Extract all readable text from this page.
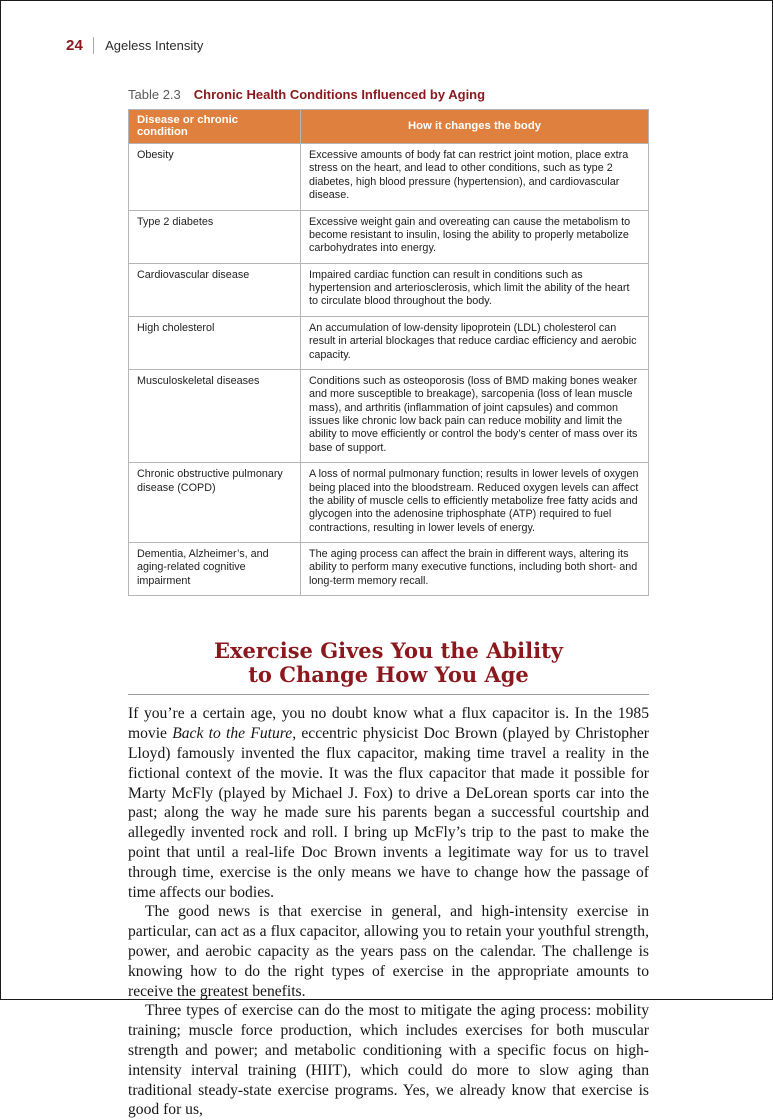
24 Ageless Intensity
Table 2.3 Chronic Health Conditions Influenced by Aging
Disease or chronic condition	How it changes the body
Obesity	Excessive amounts of body fat can restrict joint motion, place extra stress on the heart, and lead to other conditions, such as type 2 diabetes, high blood pressure (hypertension), and cardiovascular disease.
Type 2 diabetes	Excessive weight gain and overeating can cause the metabolism to become resistant to insulin, losing the ability to properly metabolize carbohydrates into energy.
Cardiovascular disease	Impaired cardiac function can result in conditions such as hypertension and arteriosclerosis, which limit the ability of the heart to circulate blood throughout the body.
High cholesterol	An accumulation of low-density lipoprotein (LDL) cholesterol can result in arterial blockages that reduce cardiac efficiency and aerobic capacity.
Musculoskeletal diseases	Conditions such as osteoporosis (loss of BMD making bones weaker and more susceptible to breakage), sarcopenia (loss of lean muscle mass), and arthritis (inflammation of joint capsules) and common issues like chronic low back pain can reduce mobility and limit the ability to move efficiently or control the body’s center of mass over its base of support.
Chronic obstructive pulmonary disease (COPD)	A loss of normal pulmonary function; results in lower levels of oxygen being placed into the bloodstream. Reduced oxygen levels can affect the ability of muscle cells to efficiently metabolize free fatty acids and glycogen into the adenosine triphosphate (ATP) required to fuel contractions, resulting in lower levels of energy.
Dementia, Alzheimer’s, and aging-related cognitive impairment	The aging process can affect the brain in different ways, altering its ability to perform many executive functions, including both short- and long-term memory recall.
Exercise Gives You the Ability
to Change How You Age

If you’re a certain age, you no doubt know what a flux capacitor is. In the 1985 movie Back to the Future, eccentric physicist Doc Brown (played by Christopher Lloyd) famously invented the flux capacitor, making time travel a reality in the fictional context of the movie. It was the flux capacitor that made it possible for Marty McFly (played by Michael J. Fox) to drive a DeLorean sports car into the past; along the way he made sure his parents began a successful courtship and allegedly invented rock and roll. I bring up McFly’s trip to the past to make the point that until a real-life Doc Brown invents a legitimate way for us to travel through time, exercise is the only means we have to change how the passage of time affects our bodies.

The good news is that exercise in general, and high-intensity exercise in particular, can act as a flux capacitor, allowing you to retain your youthful strength, power, and aerobic capacity as the years pass on the calendar. The challenge is knowing how to do the right types of exercise in the appropriate amounts to receive the greatest benefits.

Three types of exercise can do the most to mitigate the aging process: mobility training; muscle force production, which includes exercises for both muscular strength and power; and metabolic conditioning with a specific focus on high-intensity interval training (HIIT), which could do more to slow aging than traditional steady-state exercise programs. Yes, we already know that exercise is good for us,
